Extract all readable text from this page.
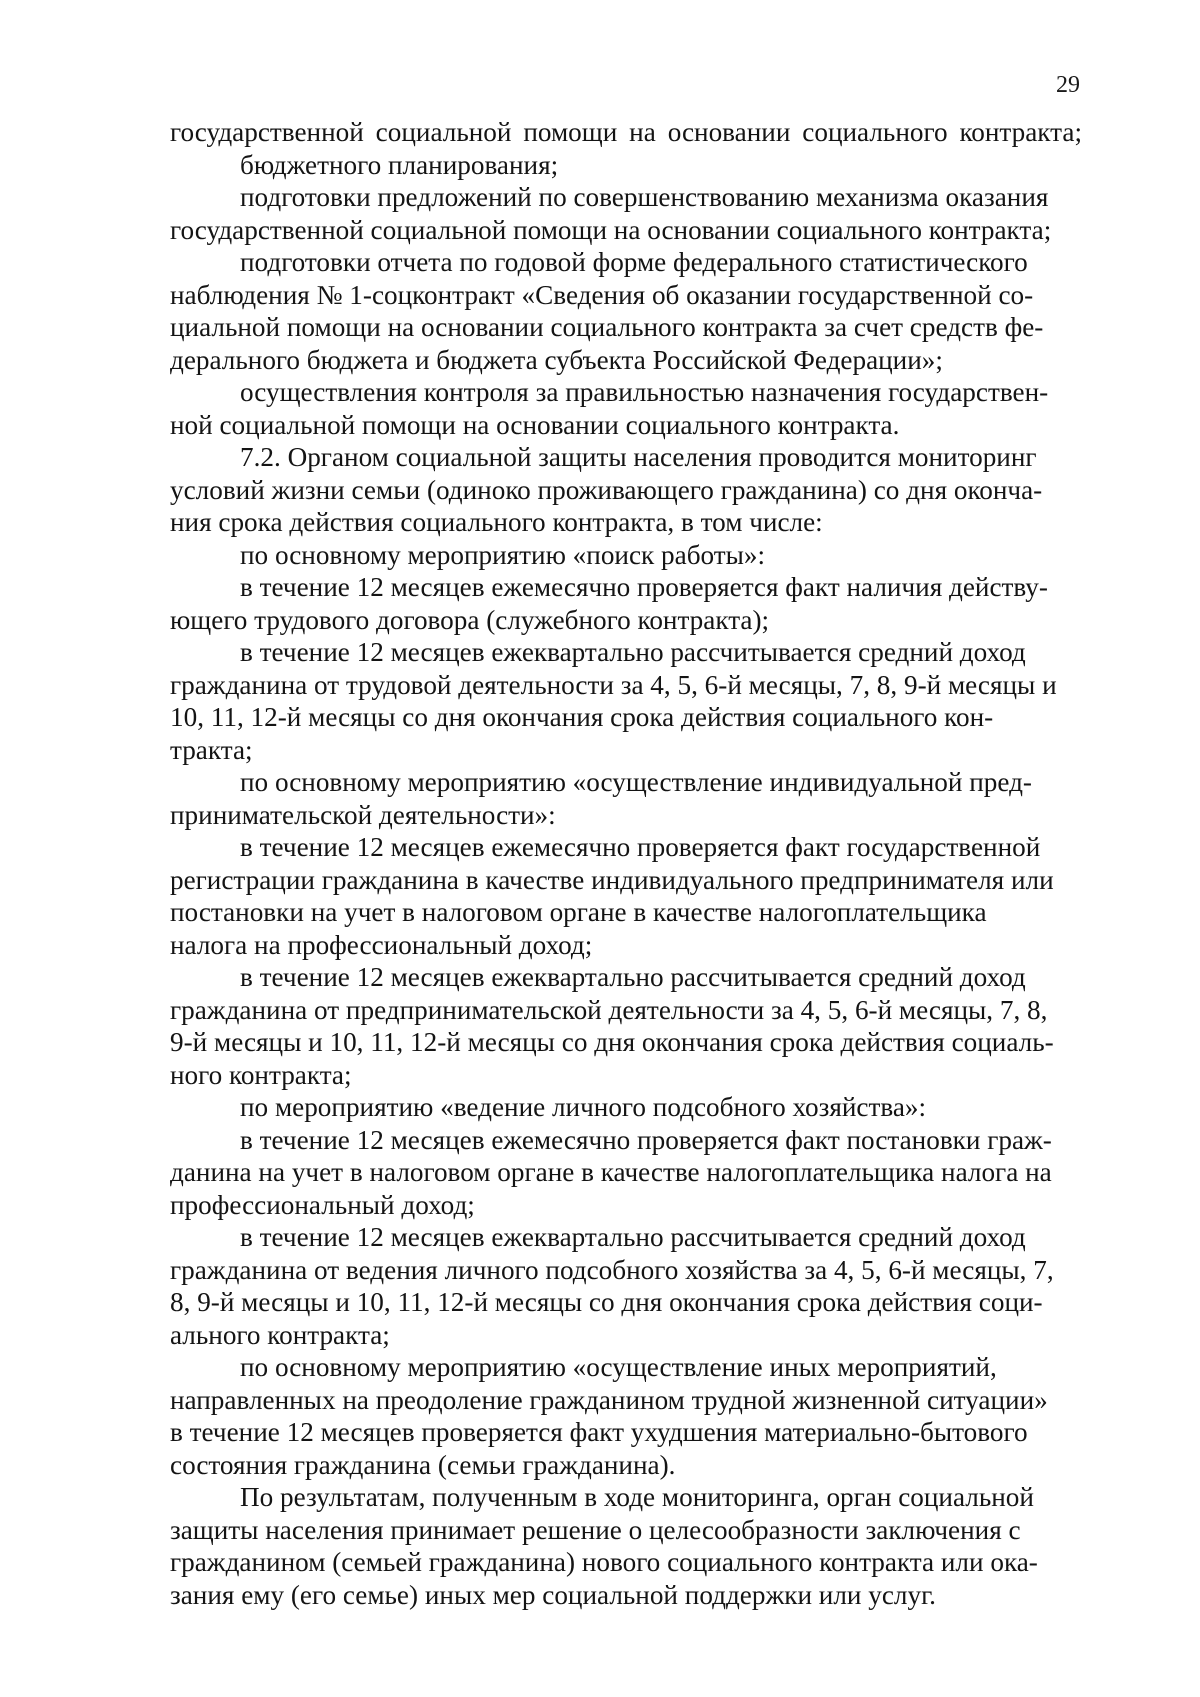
29

государственной социальной помощи на основании социального контракта;

бюджетного планирования;

подготовки предложений по совершенствованию механизма оказания
государственной социальной помощи на основании социального контракта;

подготовки отчета по годовой форме федерального статистического
наблюдения № 1-соцконтракт «Сведения об оказании государственной со-
циальной помощи на основании социального контракта за счет средств фе-
дерального бюджета и бюджета субъекта Российской Федерации»;

осуществления контроля за правильностью назначения государствен-
ной социальной помощи на основании социального контракта.

7.2. Органом социальной защиты населения проводится мониторинг
условий жизни семьи (одиноко проживающего гражданина) со дня оконча-
ния срока действия социального контракта, в том числе:

по основному мероприятию «поиск работы»:

в течение 12 месяцев ежемесячно проверяется факт наличия действу-
ющего трудового договора (служебного контракта);

в течение 12 месяцев ежеквартально рассчитывается средний доход
гражданина от трудовой деятельности за 4, 5, 6-й месяцы, 7, 8, 9-й месяцы и
10, 11, 12-й месяцы со дня окончания срока действия социального кон-
тракта;

по основному мероприятию «осуществление индивидуальной пред-
принимательской деятельности»:

в течение 12 месяцев ежемесячно проверяется факт государственной
регистрации гражданина в качестве индивидуального предпринимателя или
постановки на учет в налоговом органе в качестве налогоплательщика
налога на профессиональный доход;

в течение 12 месяцев ежеквартально рассчитывается средний доход
гражданина от предпринимательской деятельности за 4, 5, 6-й месяцы, 7, 8,
9-й месяцы и 10, 11, 12-й месяцы со дня окончания срока действия социаль-
ного контракта;

по мероприятию «ведение личного подсобного хозяйства»:

в течение 12 месяцев ежемесячно проверяется факт постановки граж-
данина на учет в налоговом органе в качестве налогоплательщика налога на
профессиональный доход;

в течение 12 месяцев ежеквартально рассчитывается средний доход
гражданина от ведения личного подсобного хозяйства за 4, 5, 6-й месяцы, 7,
8, 9-й месяцы и 10, 11, 12-й месяцы со дня окончания срока действия соци-
ального контракта;

по основному мероприятию «осуществление иных мероприятий,
направленных на преодоление гражданином трудной жизненной ситуации»
в течение 12 месяцев проверяется факт ухудшения материально-бытового
состояния гражданина (семьи гражданина).

По результатам, полученным в ходе мониторинга, орган социальной
защиты населения принимает решение о целесообразности заключения с
гражданином (семьей гражданина) нового социального контракта или ока-
зания ему (его семье) иных мер социальной поддержки или услуг.
